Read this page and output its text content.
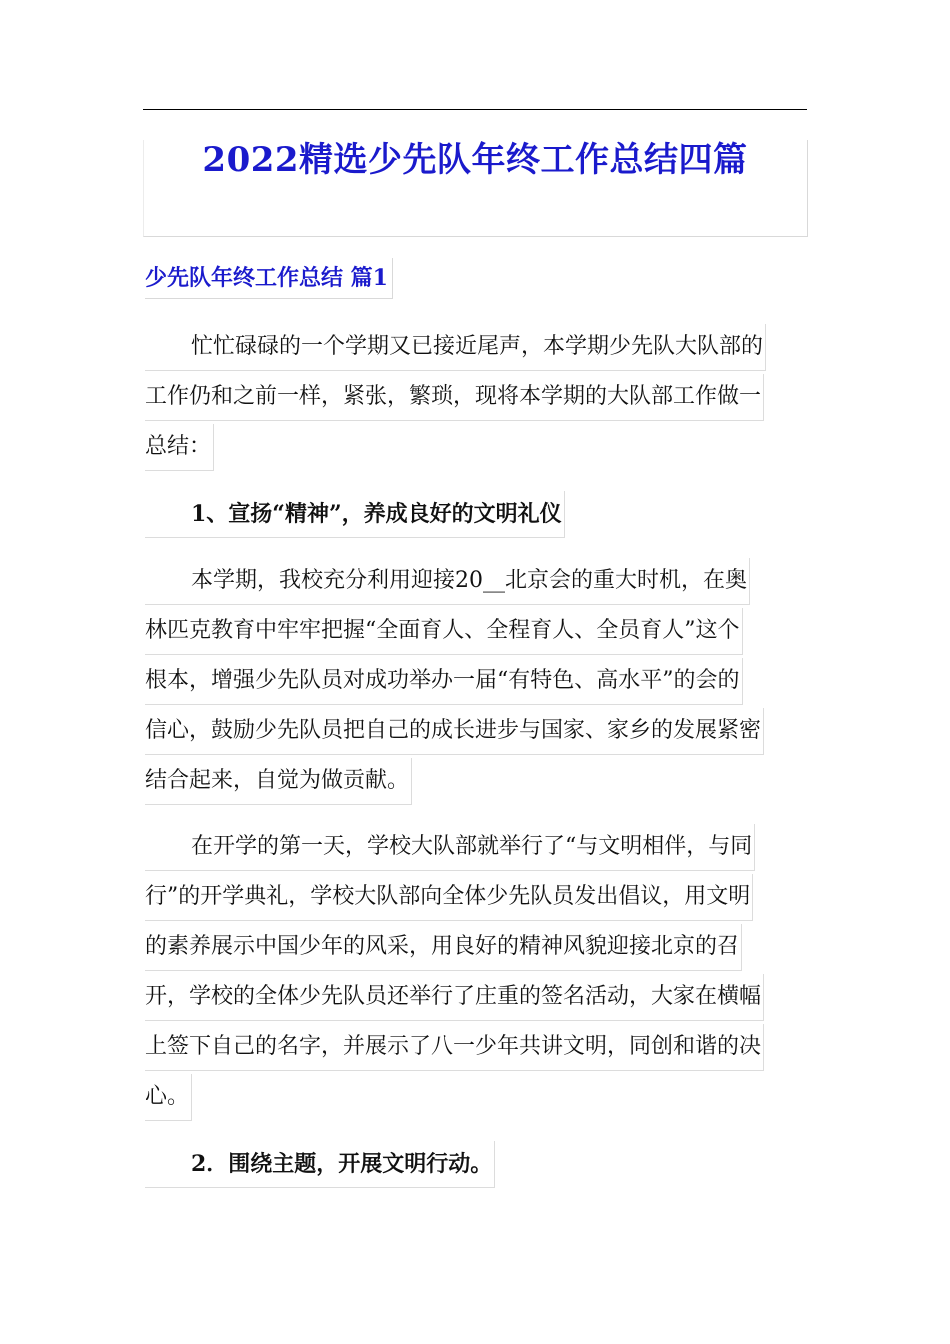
2022精选少先队年终工作总结四篇
少先队年终工作总结 篇1
忙忙碌碌的一个学期又已接近尾声，本学期少先队大队部的
工作仍和之前一样，紧张，繁琐，现将本学期的大队部工作做一
总结：
1、宣扬“精神”，养成良好的文明礼仪
本学期，我校充分利用迎接20__北京会的重大时机，在奥
林匹克教育中牢牢把握“全面育人、全程育人、全员育人”这个
根本，增强少先队员对成功举办一届“有特色、高水平”的会的
信心，鼓励少先队员把自己的成长进步与国家、家乡的发展紧密
结合起来，自觉为做贡献。
在开学的第一天，学校大队部就举行了“与文明相伴，与同
行”的开学典礼，学校大队部向全体少先队员发出倡议，用文明
的素养展示中国少年的风采，用良好的精神风貌迎接北京的召
开，学校的全体少先队员还举行了庄重的签名活动，大家在横幅
上签下自己的名字，并展示了八一少年共讲文明，同创和谐的决
心。
2．围绕主题，开展文明行动。
